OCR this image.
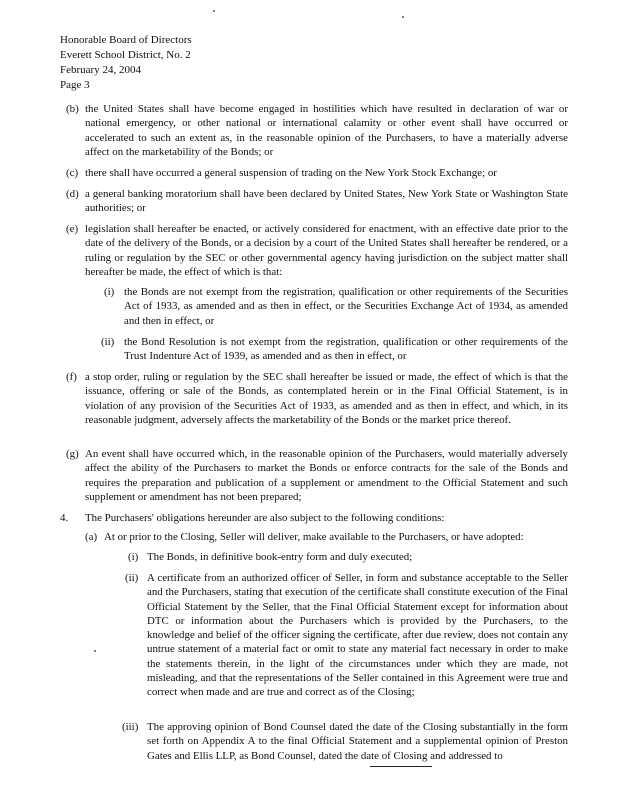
Honorable Board of Directors
Everett School District, No. 2
February 24, 2004
Page 3
(b) the United States shall have become engaged in hostilities which have resulted in declaration of war or national emergency, or other national or international calamity or other event shall have occurred or accelerated to such an extent as, in the reasonable opinion of the Purchasers, to have a materially adverse affect on the marketability of the Bonds; or
(c) there shall have occurred a general suspension of trading on the New York Stock Exchange; or
(d) a general banking moratorium shall have been declared by United States, New York State or Washington State authorities; or
(e) legislation shall hereafter be enacted, or actively considered for enactment, with an effective date prior to the date of the delivery of the Bonds, or a decision by a court of the United States shall hereafter be rendered, or a ruling or regulation by the SEC or other governmental agency having jurisdiction on the subject matter shall hereafter be made, the effect of which is that:
(i) the Bonds are not exempt from the registration, qualification or other requirements of the Securities Act of 1933, as amended and as then in effect, or the Securities Exchange Act of 1934, as amended and then in effect, or
(ii) the Bond Resolution is not exempt from the registration, qualification or other requirements of the Trust Indenture Act of 1939, as amended and as then in effect, or
(f) a stop order, ruling or regulation by the SEC shall hereafter be issued or made, the effect of which is that the issuance, offering or sale of the Bonds, as contemplated herein or in the Final Official Statement, is in violation of any provision of the Securities Act of 1933, as amended and as then in effect, and which, in its reasonable judgment, adversely affects the marketability of the Bonds or the market price thereof.
(g) An event shall have occurred which, in the reasonable opinion of the Purchasers, would materially adversely affect the ability of the Purchasers to market the Bonds or enforce contracts for the sale of the Bonds and requires the preparation and publication of a supplement or amendment to the Official Statement and such supplement or amendment has not been prepared;
4. The Purchasers' obligations hereunder are also subject to the following conditions:
(a) At or prior to the Closing, Seller will deliver, make available to the Purchasers, or have adopted:
(i) The Bonds, in definitive book-entry form and duly executed;
(ii) A certificate from an authorized officer of Seller, in form and substance acceptable to the Seller and the Purchasers, stating that execution of the certificate shall constitute execution of the Final Official Statement by the Seller, that the Final Official Statement except for information about DTC or information about the Purchasers which is provided by the Purchasers, to the knowledge and belief of the officer signing the certificate, after due review, does not contain any untrue statement of a material fact or omit to state any material fact necessary in order to make the statements therein, in the light of the circumstances under which they are made, not misleading, and that the representations of the Seller contained in this Agreement were true and correct when made and are true and correct as of the Closing;
(iii) The approving opinion of Bond Counsel dated the date of the Closing substantially in the form set forth on Appendix A to the final Official Statement and a supplemental opinion of Preston Gates and Ellis LLP, as Bond Counsel, dated the date of Closing and addressed to
